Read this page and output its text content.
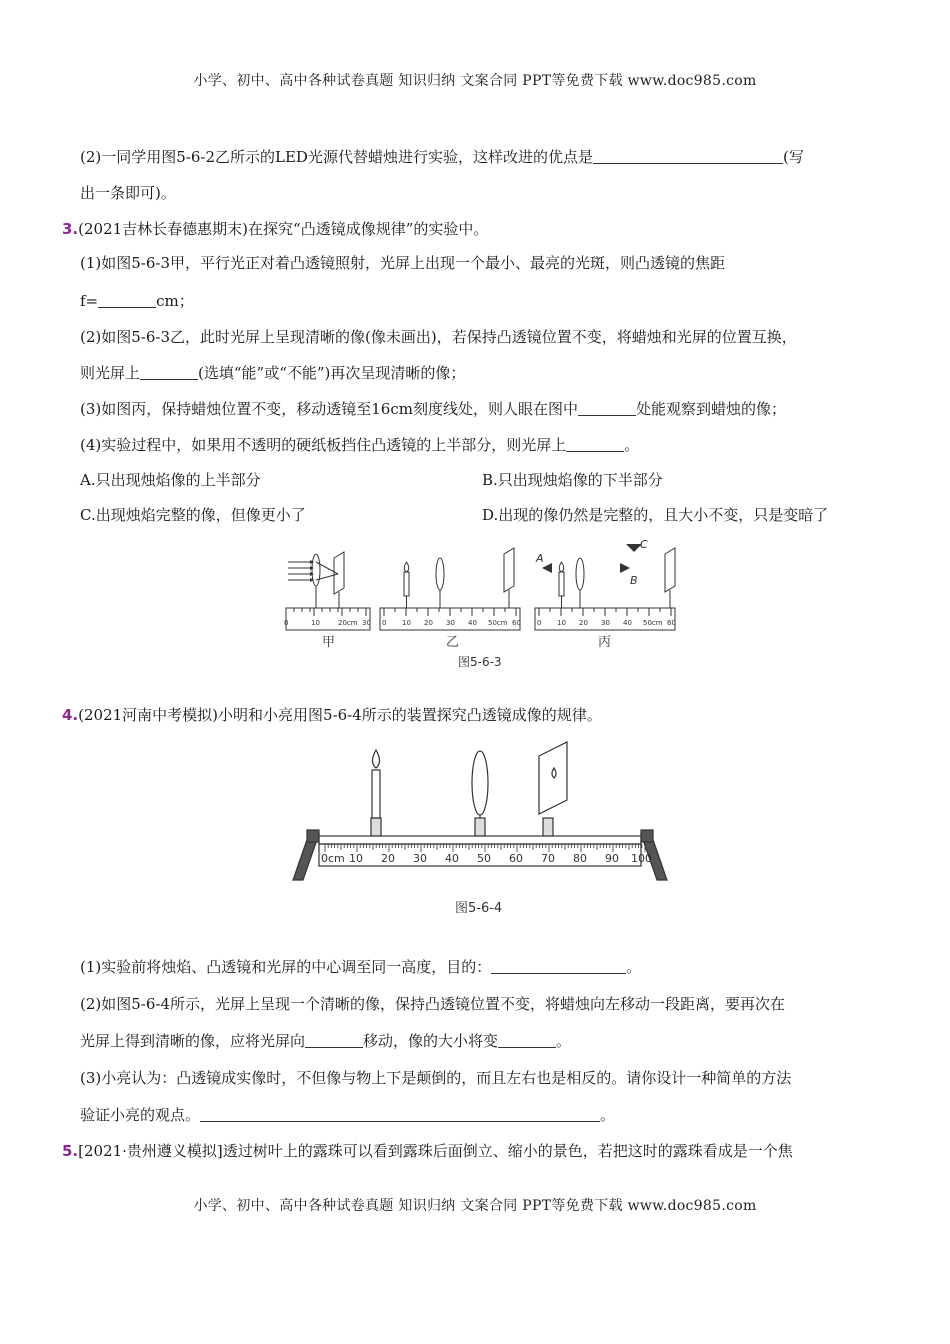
小学、初中、高中各种试卷真题 知识归纳 文案合同 PPT等免费下载 www.doc985.com
(2)一同学用图5-6-2乙所示的LED光源代替蜡烛进行实验，这样改进的优点是	(写
出一条即可)。
3.(2021吉林长春德惠期末)在探究“凸透镜成像规律”的实验中。
(1)如图5-6-3甲，平行光正对着凸透镜照射，光屏上出现一个最小、最亮的光斑，则凸透镜的焦距
f=	cm；
(2)如图5-6-3乙，此时光屏上呈现清晰的像(像未画出)，若保持凸透镜位置不变，将蜡烛和光屏的位置互换，
则光屏上	(选填“能”或“不能”)再次呈现清晰的像；
(3)如图丙，保持蜡烛位置不变，移动透镜至16cm刻度线处，则人眼在图中	处能观察到蜡烛的像；
(4)实验过程中，如果用不透明的硬纸板挡住凸透镜的上半部分，则光屏上	。
A.只出现烛焰像的上半部分	B.只出现烛焰像的下半部分
C.出现烛焰完整的像，但像更小了	D.出现的像仍然是完整的，且大小不变，只是变暗了
0	10	20cm 30 0 10 20 30 40 50cm 60 0 10 20 30 40 50cm 60
A
C
B
甲	乙	丙
图5-6-3
4.(2021河南中考模拟)小明和小亮用图5-6-4所示的装置探究凸透镜成像的规律。
0cm 10 20 30 40 50 60 70 80 90 100
图5-6-4
(1)实验前将烛焰、凸透镜和光屏的中心调至同一高度，目的：	。
(2)如图5-6-4所示，光屏上呈现一个清晰的像，保持凸透镜位置不变，将蜡烛向左移动一段距离，要再次在
光屏上得到清晰的像，应将光屏向	移动，像的大小将变	。
(3)小亮认为：凸透镜成实像时，不但像与物上下是颠倒的，而且左右也是相反的。请你设计一种简单的方法
验证小亮的观点。	。
5.[2021·贵州遵义模拟]透过树叶上的露珠可以看到露珠后面倒立、缩小的景色，若把这时的露珠看成是一个焦
小学、初中、高中各种试卷真题 知识归纳 文案合同 PPT等免费下载 www.doc985.com
